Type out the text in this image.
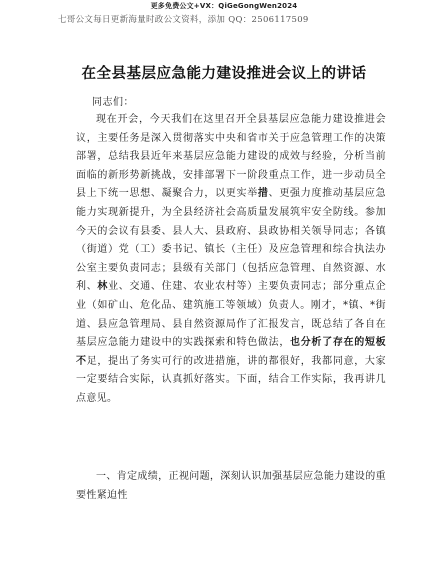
更多免费公文+VX：QiGeGongWen2024
七哥公文每日更新海量时政公文资料，添加 QQ：2506117509
在全县基层应急能力建设推进会议上的讲话
同志们：
现在开会，今天我们在这里召开全县基层应急能力建设推进会议，主要任务是深入贯彻落实中央和省市关于应急管理工作的决策部署，总结我县近年来基层应急能力建设的成效与经验，分析当前面临的新形势新挑战，安排部署下一阶段重点工作，进一步动员全县上下统一思想、凝聚合力，以更实举措、更强力度推动基层应急能力实现新提升，为全县经济社会高质量发展筑牢安全防线。参加今天的会议有县委、县人大、县政府、县政协相关领导同志；各镇（街道）党（工）委书记、镇长（主任）及应急管理和综合执法办公室主要负责同志；县级有关部门（包括应急管理、自然资源、水利、林业、交通、住建、农业农村等）主要负责同志；部分重点企业（如矿山、危化品、建筑施工等领域）负责人。刚才，*镇、*街道、县应急管理局、县自然资源局作了汇报发言，既总结了各自在基层应急能力建设中的实践探索和特色做法，也分析了存在的短板不足，提出了务实可行的改进措施，讲的都很好，我都同意，大家一定要结合实际，认真抓好落实。下面，结合工作实际，我再讲几点意见。
一、肯定成绩，正视问题，深刻认识加强基层应急能力建设的重要性紧迫性
